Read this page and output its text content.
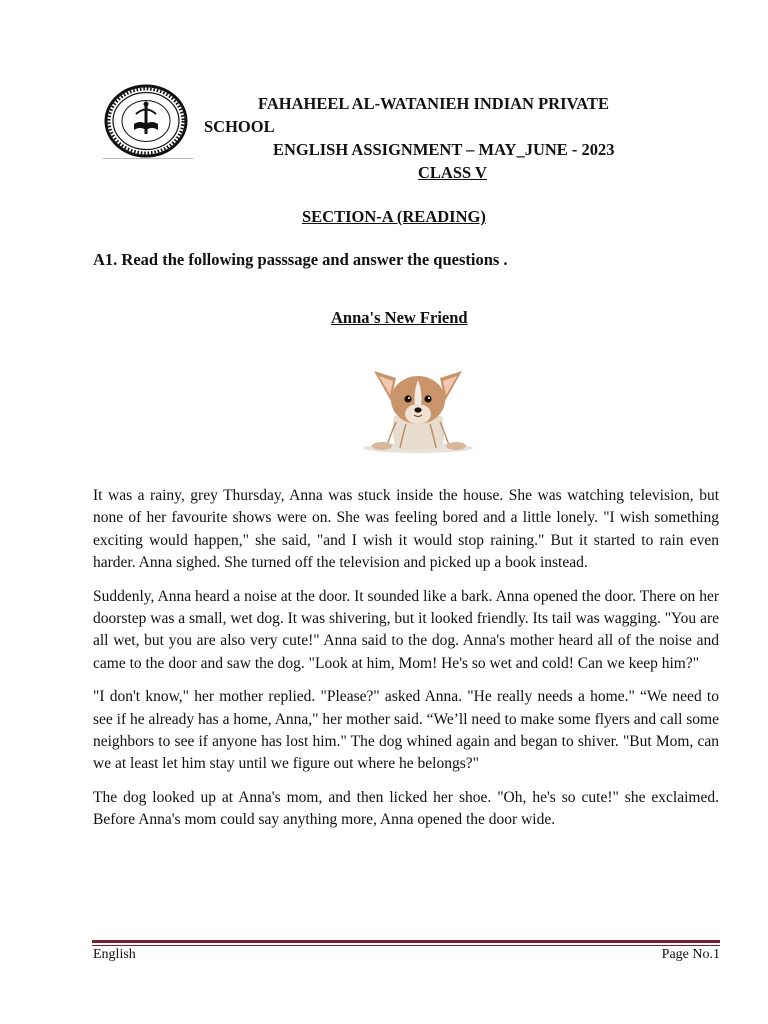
FAHAHEEL AL-WATANIEH INDIAN PRIVATE
SCHOOL
ENGLISH ASSIGNMENT – MAY_JUNE - 2023
CLASS V
SECTION-A (READING)
A1. Read the following passsage and answer the questions .
Anna's New Friend

It was a rainy, grey Thursday, Anna was stuck inside the house. She was watching television, but none of her favourite shows were on. She was feeling bored and a little lonely. "I wish something exciting would happen," she said, "and I wish it would stop raining." But it started to rain even harder. Anna sighed. She turned off the television and picked up a book instead.

Suddenly, Anna heard a noise at the door. It sounded like a bark. Anna opened the door. There on her doorstep was a small, wet dog. It was shivering, but it looked friendly. Its tail was wagging. "You are all wet, but you are also very cute!" Anna said to the dog. Anna's mother heard all of the noise and came to the door and saw the dog. "Look at him, Mom! He's so wet and cold! Can we keep him?"

"I don't know," her mother replied. "Please?" asked Anna. "He really needs a home." “We need to see if he already has a home, Anna," her mother said. “We’ll need to make some flyers and call some neighbors to see if anyone has lost him." The dog whined again and began to shiver. "But Mom, can we at least let him stay until we figure out where he belongs?"

The dog looked up at Anna's mom, and then licked her shoe. "Oh, he's so cute!" she exclaimed. Before Anna's mom could say anything more, Anna opened the door wide.

English	Page No.1
